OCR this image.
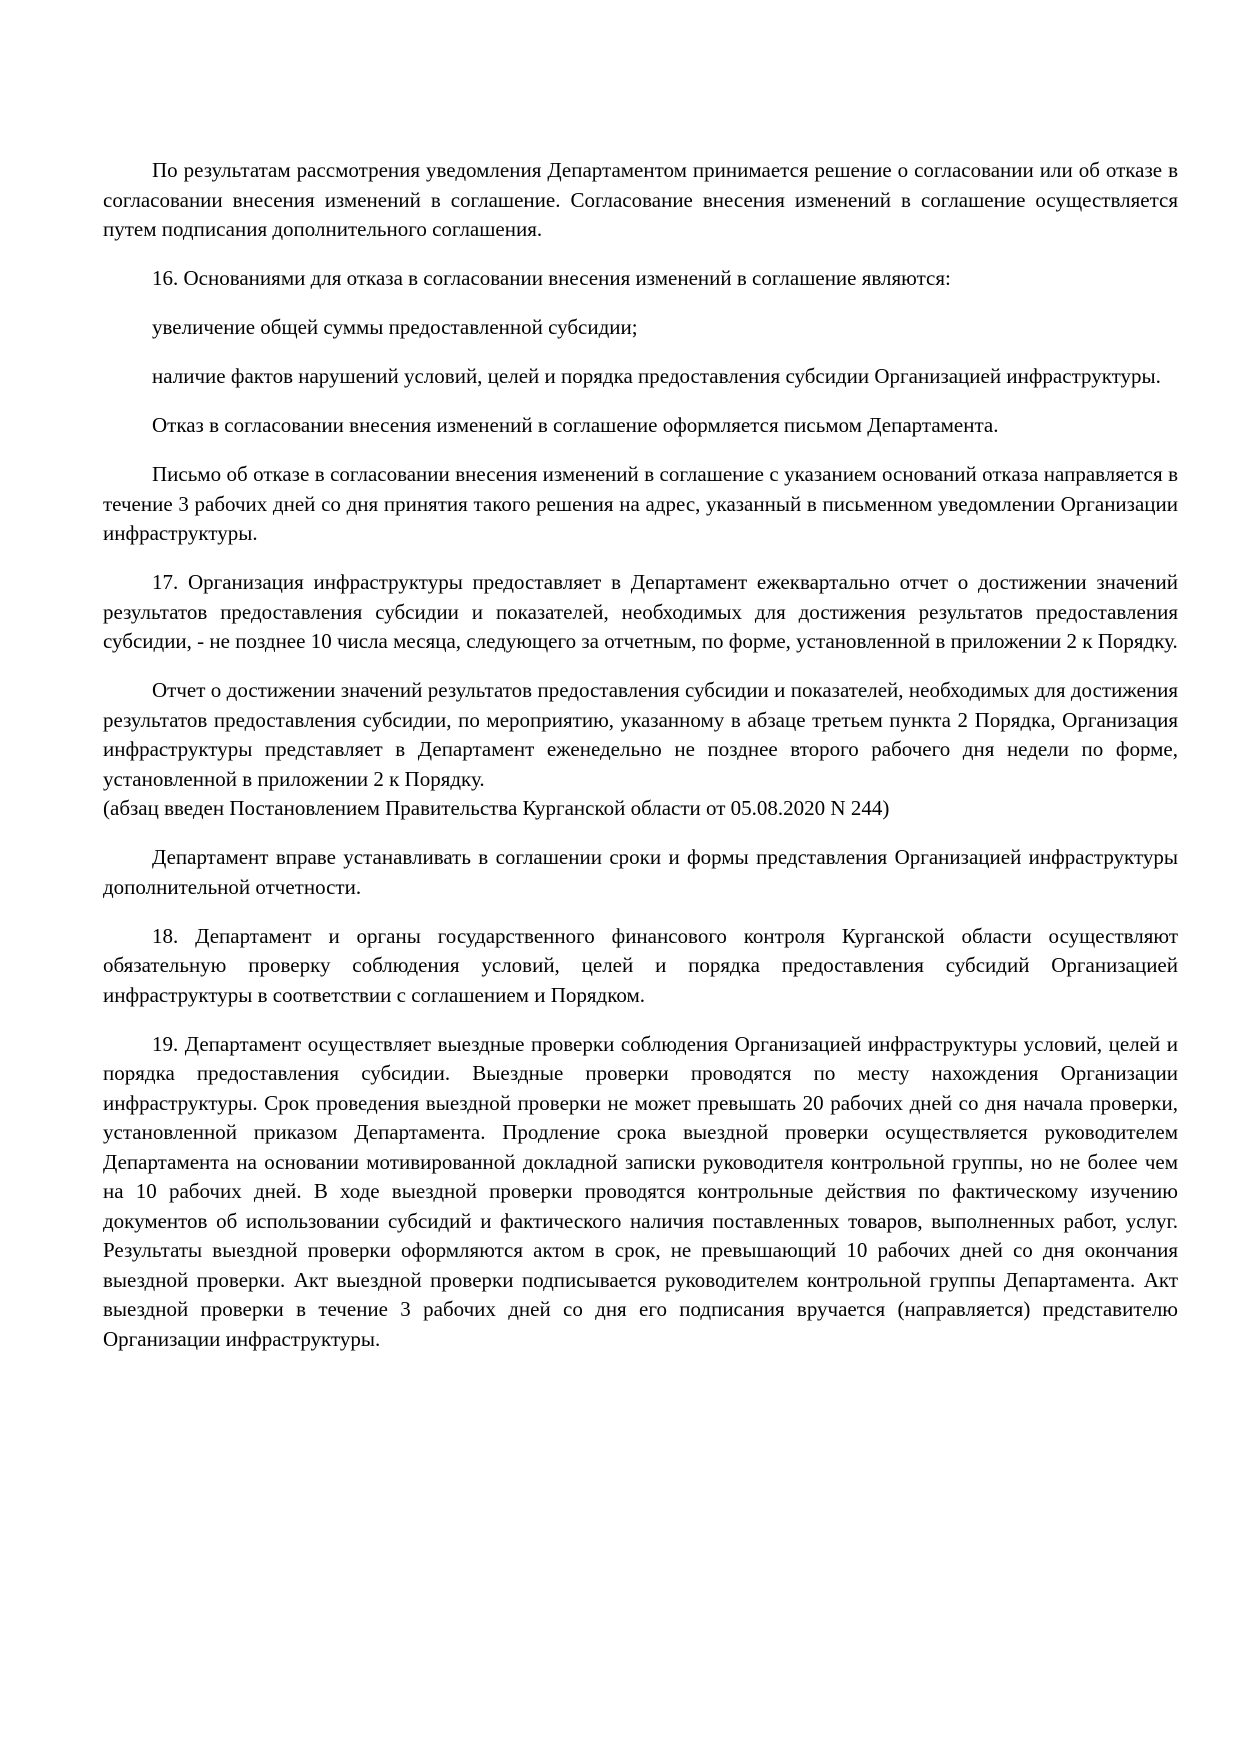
По результатам рассмотрения уведомления Департаментом принимается решение о согласовании или об отказе в согласовании внесения изменений в соглашение. Согласование внесения изменений в соглашение осуществляется путем подписания дополнительного соглашения.

16. Основаниями для отказа в согласовании внесения изменений в соглашение являются:

увеличение общей суммы предоставленной субсидии;

наличие фактов нарушений условий, целей и порядка предоставления субсидии Организацией инфраструктуры.

Отказ в согласовании внесения изменений в соглашение оформляется письмом Департамента.

Письмо об отказе в согласовании внесения изменений в соглашение с указанием оснований отказа направляется в течение 3 рабочих дней со дня принятия такого решения на адрес, указанный в письменном уведомлении Организации инфраструктуры.

17. Организация инфраструктуры предоставляет в Департамент ежеквартально отчет о достижении значений результатов предоставления субсидии и показателей, необходимых для достижения результатов предоставления субсидии, - не позднее 10 числа месяца, следующего за отчетным, по форме, установленной в приложении 2 к Порядку.

Отчет о достижении значений результатов предоставления субсидии и показателей, необходимых для достижения результатов предоставления субсидии, по мероприятию, указанному в абзаце третьем пункта 2 Порядка, Организация инфраструктуры представляет в Департамент еженедельно не позднее второго рабочего дня недели по форме, установленной в приложении 2 к Порядку.

(абзац введен Постановлением Правительства Курганской области от 05.08.2020 N 244)

Департамент вправе устанавливать в соглашении сроки и формы представления Организацией инфраструктуры дополнительной отчетности.

18. Департамент и органы государственного финансового контроля Курганской области осуществляют обязательную проверку соблюдения условий, целей и порядка предоставления субсидий Организацией инфраструктуры в соответствии с соглашением и Порядком.

19. Департамент осуществляет выездные проверки соблюдения Организацией инфраструктуры условий, целей и порядка предоставления субсидии. Выездные проверки проводятся по месту нахождения Организации инфраструктуры. Срок проведения выездной проверки не может превышать 20 рабочих дней со дня начала проверки, установленной приказом Департамента. Продление срока выездной проверки осуществляется руководителем Департамента на основании мотивированной докладной записки руководителя контрольной группы, но не более чем на 10 рабочих дней. В ходе выездной проверки проводятся контрольные действия по фактическому изучению документов об использовании субсидий и фактического наличия поставленных товаров, выполненных работ, услуг. Результаты выездной проверки оформляются актом в срок, не превышающий 10 рабочих дней со дня окончания выездной проверки. Акт выездной проверки подписывается руководителем контрольной группы Департамента. Акт выездной проверки в течение 3 рабочих дней со дня его подписания вручается (направляется) представителю Организации инфраструктуры.
